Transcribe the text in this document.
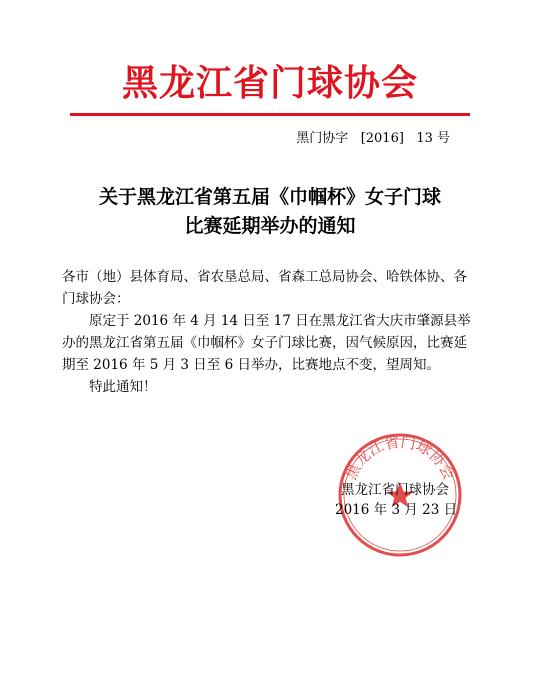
黑龙江省门球协会
黑门协字   [2016]   13 号
关于黑龙江省第五届《巾帼杯》女子门球
比赛延期举办的通知

各市（地）县体育局、省农垦总局、省森工总局协会、哈铁体协、各

门球协会：

原定于 2016 年 4 月 14 日至 17 日在黑龙江省大庆市肇源县举办的黑龙江省第五届《巾帼杯》女子门球比赛，因气候原因，比赛延期至 2016 年 5 月 3 日至 6 日举办，比赛地点不变，望周知。

特此通知！

黑龙江省门球协会
黑龙江省门球协会
2016 年 3 月 23 日
